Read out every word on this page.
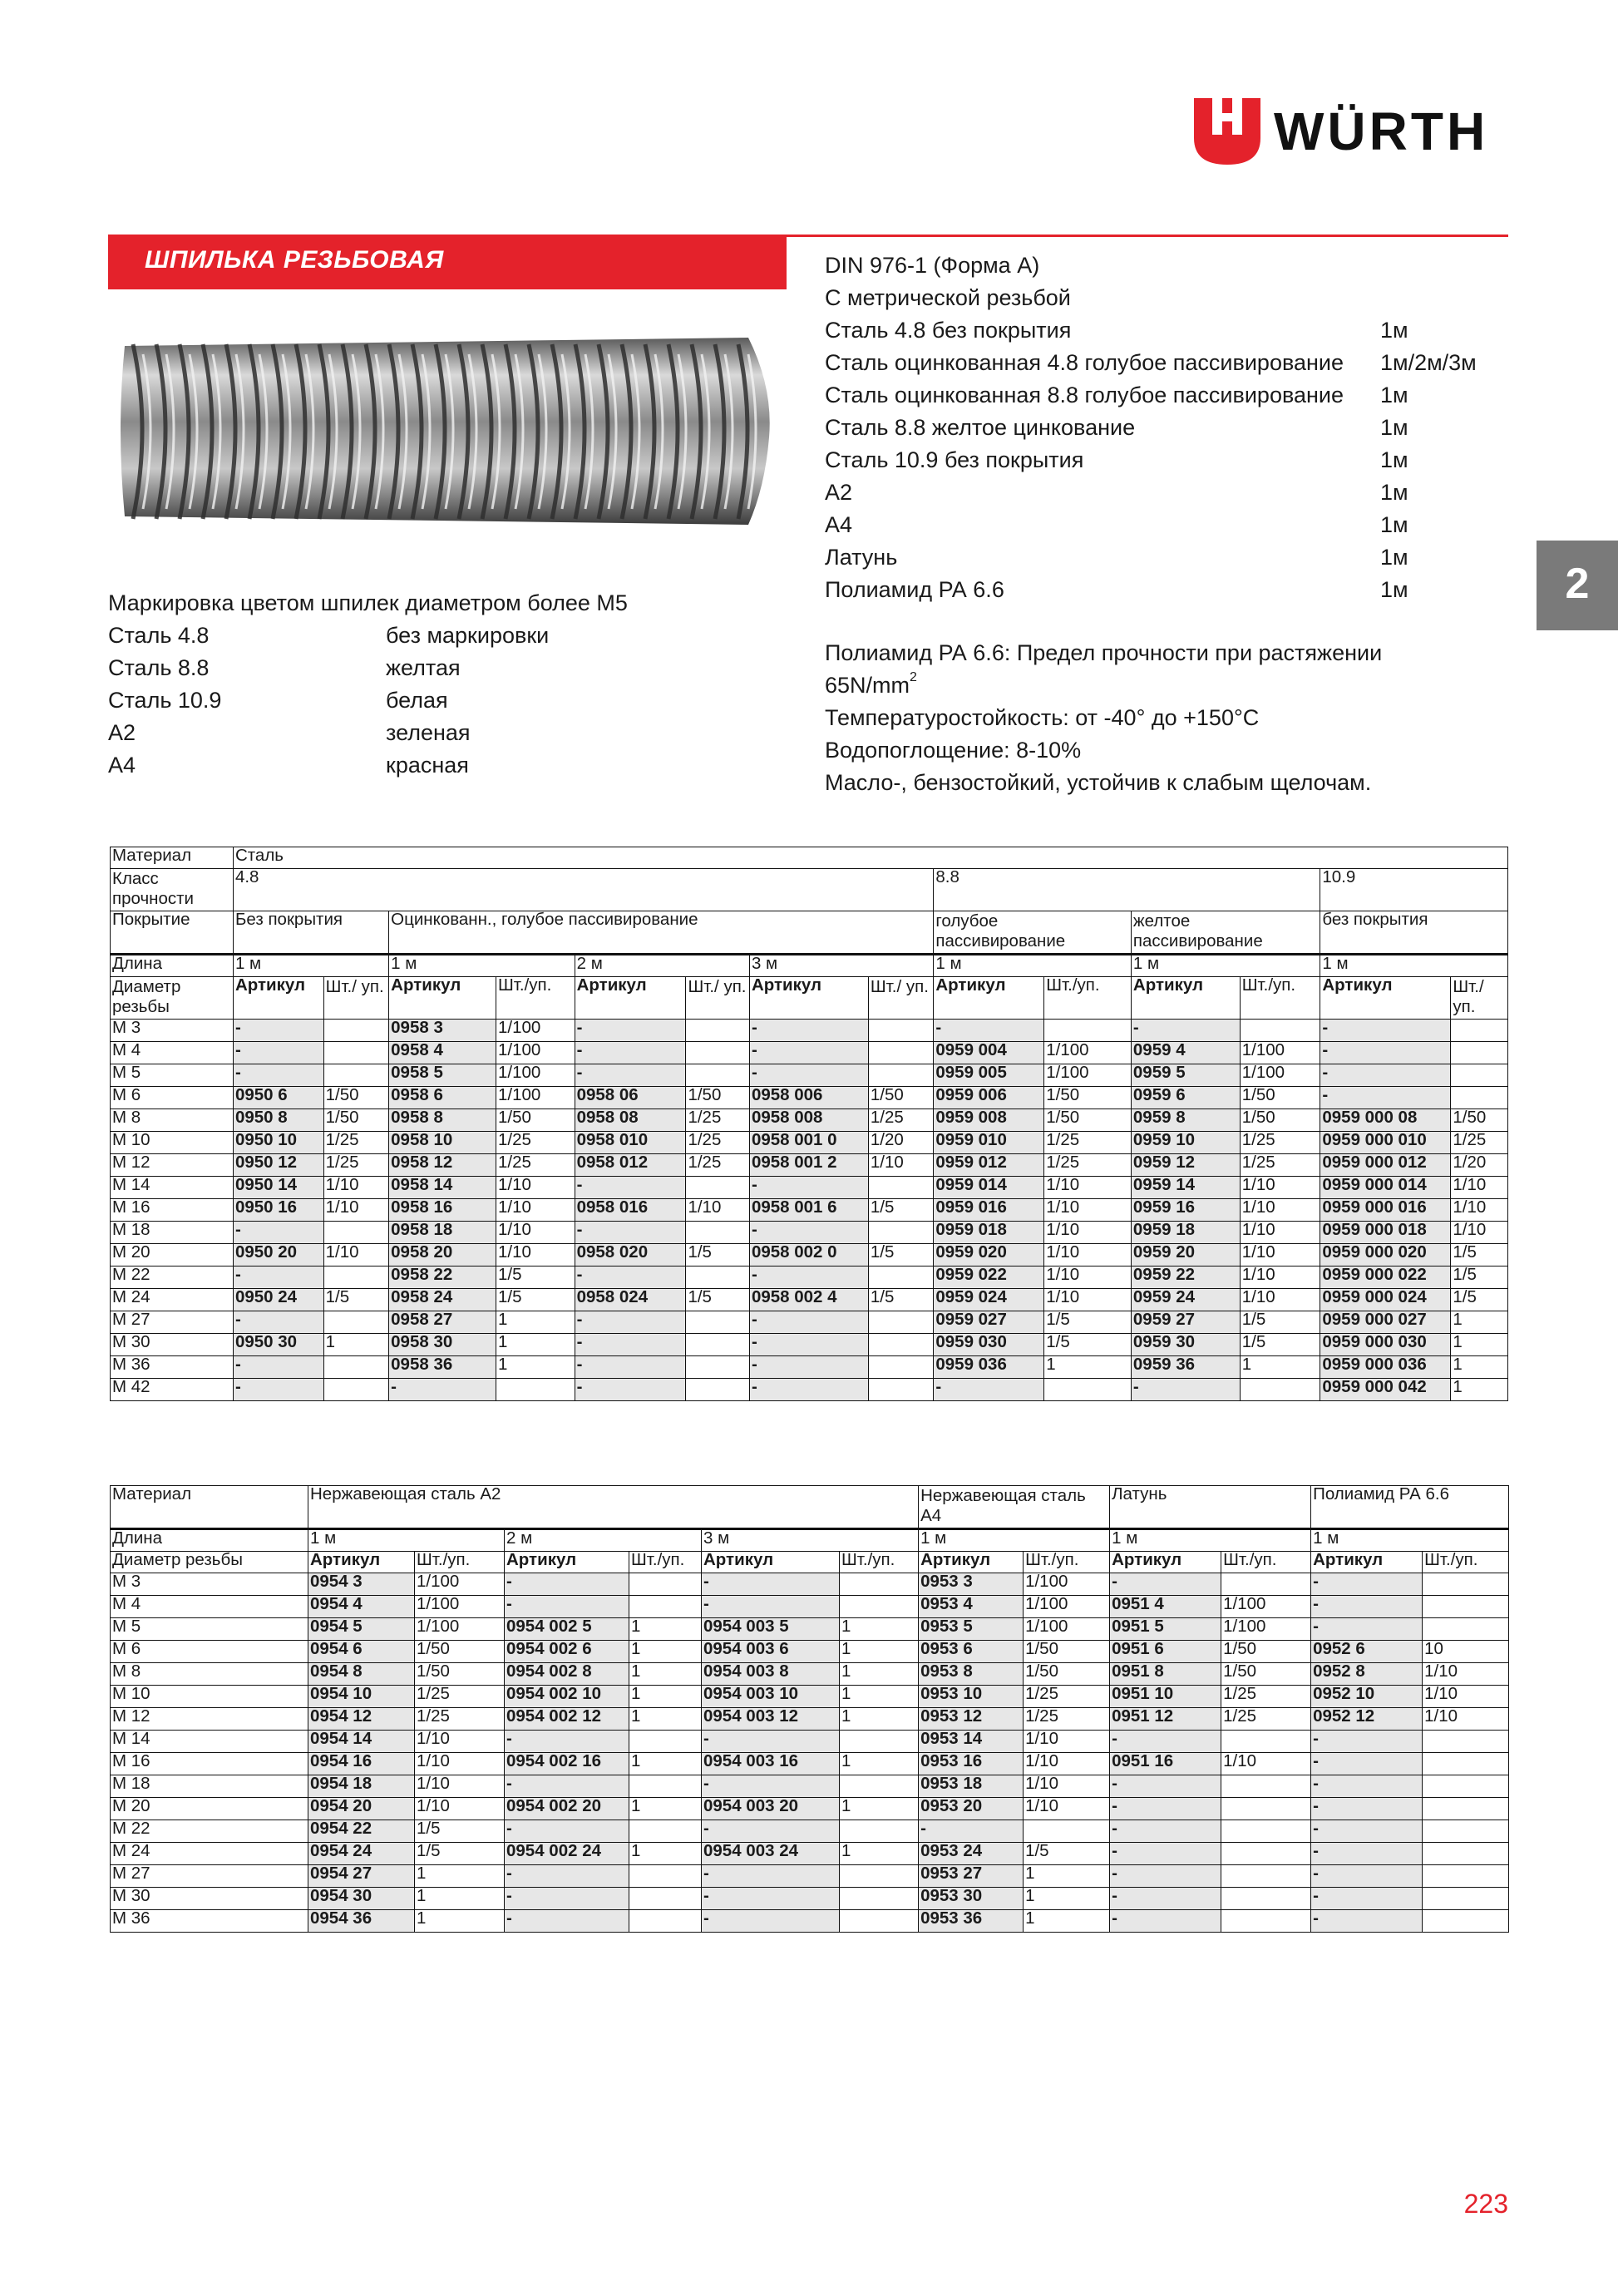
WÜRTH
ШПИЛЬКА РЕЗЬБОВАЯ	DIN 976-1 (Форма А)
С метрической резьбой
Сталь 4.8 без покрытия	1м
Сталь оцинкованная 4.8 голубое пассивирование 1м/2м/3м
Сталь оцинкованная 8.8 голубое пассивирование 1м
Сталь 8.8 желтое цинкование	1м
Сталь 10.9 без покрытия	1м
А2	1м
А4	1м
Латунь	1м
Полиамид РА 6.6	1м
Полиамид РА 6.6: Предел прочности при растяжении
$65N/mm^2$
Температуростойкость: от -40° до +150°С
Водопоглощение: 8-10%
Масло-, бензостойкий, устойчив к слабым щелочам.
Маркировка цветом шпилек диаметром более М5
Сталь 4.8	без маркировки
Сталь 8.8	желтая
Сталь 10.9	белая
А2	зеленая
А4	красная
2
Материал	Сталь													
Класс прочности	4.8								8.8				10.9	
Покрытие	Без покрытия		Оцинкованн., голубое пассивирование						голубое пассивирование		желтое пассивирование		без покрытия	
Длина	1 м		1 м		2 м		3 м		1 м		1 м		1 м	
Диаметр резьбы	Артикул	Шт./ уп.	Артикул	Шт./уп.	Артикул	Шт./ уп.	Артикул	Шт./ уп.	Артикул	Шт./уп.	Артикул	Шт./уп.	Артикул	Шт./ уп.
М 3	-		0958 3	1/100	-		-		-		-		-	
М 4	-		0958 4	1/100	-		-		0959 004	1/100	0959 4	1/100	-	
М 5	-		0958 5	1/100	-		-		0959 005	1/100	0959 5	1/100	-	
М 6	0950 6	1/50	0958 6	1/100	0958 06	1/50	0958 006	1/50	0959 006	1/50	0959 6	1/50	-	
М 8	0950 8	1/50	0958 8	1/50	0958 08	1/25	0958 008	1/25	0959 008	1/50	0959 8	1/50	0959 000 08	1/50
М 10	0950 10	1/25	0958 10	1/25	0958 010	1/25	0958 001 0	1/20	0959 010	1/25	0959 10	1/25	0959 000 010	1/25
М 12	0950 12	1/25	0958 12	1/25	0958 012	1/25	0958 001 2	1/10	0959 012	1/25	0959 12	1/25	0959 000 012	1/20
М 14	0950 14	1/10	0958 14	1/10	-		-		0959 014	1/10	0959 14	1/10	0959 000 014	1/10
М 16	0950 16	1/10	0958 16	1/10	0958 016	1/10	0958 001 6	1/5	0959 016	1/10	0959 16	1/10	0959 000 016	1/10
М 18	-		0958 18	1/10	-		-		0959 018	1/10	0959 18	1/10	0959 000 018	1/10
М 20	0950 20	1/10	0958 20	1/10	0958 020	1/5	0958 002 0	1/5	0959 020	1/10	0959 20	1/10	0959 000 020	1/5
М 22	-		0958 22	1/5	-		-		0959 022	1/10	0959 22	1/10	0959 000 022	1/5
М 24	0950 24	1/5	0958 24	1/5	0958 024	1/5	0958 002 4	1/5	0959 024	1/10	0959 24	1/10	0959 000 024	1/5
М 27	-		0958 27	1	-		-		0959 027	1/5	0959 27	1/5	0959 000 027	1
М 30	0950 30	1	0958 30	1	-		-		0959 030	1/5	0959 30	1/5	0959 000 030	1
М 36	-		0958 36	1	-		-		0959 036	1	0959 36	1	0959 000 036	1
М 42	-		-		-		-		-		-		0959 000 042	1
Материал	Нержавеющая сталь А2						Нержавеющая сталь А4		Латунь		Полиамид РА 6.6	
Длина	1 м		2 м		3 м		1 м		1 м		1 м	
Диаметр резьбы	Артикул	Шт./уп.	Артикул	Шт./уп.	Артикул	Шт./уп.	Артикул	Шт./уп.	Артикул	Шт./уп.	Артикул	Шт./уп.
М 3	0954 3	1/100	-		-		0953 3	1/100	-		-	
М 4	0954 4	1/100	-		-		0953 4	1/100	0951 4	1/100	-	
М 5	0954 5	1/100	0954 002 5	1	0954 003 5	1	0953 5	1/100	0951 5	1/100	-	
М 6	0954 6	1/50	0954 002 6	1	0954 003 6	1	0953 6	1/50	0951 6	1/50	0952 6	10
М 8	0954 8	1/50	0954 002 8	1	0954 003 8	1	0953 8	1/50	0951 8	1/50	0952 8	1/10
М 10	0954 10	1/25	0954 002 10	1	0954 003 10	1	0953 10	1/25	0951 10	1/25	0952 10	1/10
М 12	0954 12	1/25	0954 002 12	1	0954 003 12	1	0953 12	1/25	0951 12	1/25	0952 12	1/10
М 14	0954 14	1/10	-		-		0953 14	1/10	-		-	
М 16	0954 16	1/10	0954 002 16	1	0954 003 16	1	0953 16	1/10	0951 16	1/10	-	
М 18	0954 18	1/10	-		-		0953 18	1/10	-		-	
М 20	0954 20	1/10	0954 002 20	1	0954 003 20	1	0953 20	1/10	-		-	
М 22	0954 22	1/5	-		-		-		-		-	
М 24	0954 24	1/5	0954 002 24	1	0954 003 24	1	0953 24	1/5	-		-	
М 27	0954 27	1	-		-		0953 27	1	-		-	
М 30	0954 30	1	-		-		0953 30	1	-		-	
М 36	0954 36	1	-		-		0953 36	1	-		-	
223
